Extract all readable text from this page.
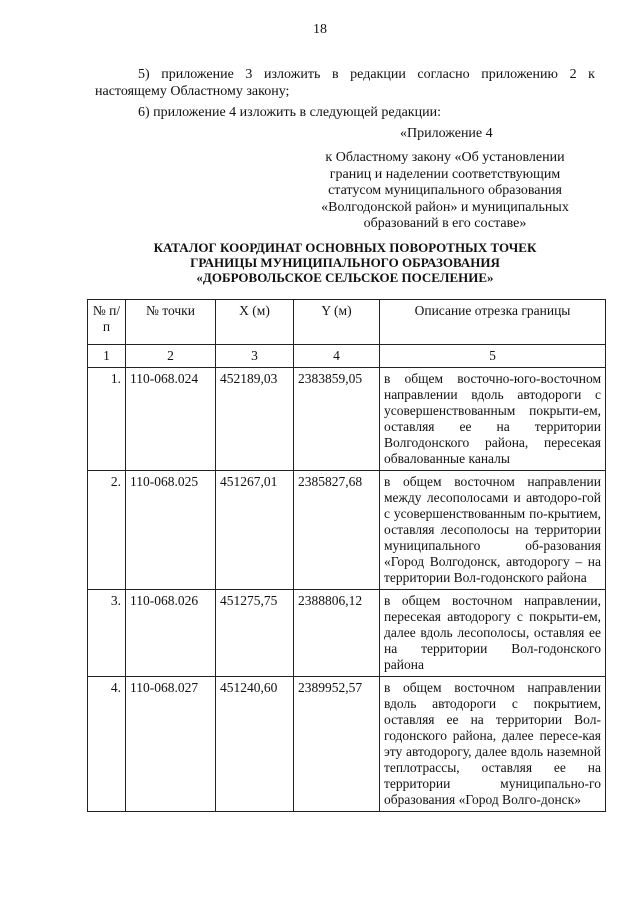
18

5) приложение 3 изложить в редакции согласно приложению 2 к

настоящему Областному закону;

6) приложение 4 изложить в следующей редакции:

«Приложение 4

к Областному закону «Об установлении
границ и наделении соответствующим
статусом муниципального образования
«Волгодонской район» и муниципальных
образований в его составе»
КАТАЛОГ КООРДИНАТ ОСНОВНЫХ ПОВОРОТНЫХ ТОЧЕК
ГРАНИЦЫ МУНИЦИПАЛЬНОГО ОБРАЗОВАНИЯ
«ДОБРОВОЛЬСКОЕ СЕЛЬСКОЕ ПОСЕЛЕНИЕ»
№ п/п	№ точки	X (м)	Y (м)	Описание отрезка границы
1	2	3	4	5
1.	110-068.024	452189,03	2383859,05	в общем восточно-юго-восточном направлении вдоль автодороги с усовершенствованным покрыти-ем, оставляя ее на территории Волгодонского района, пересекая обвалованные каналы
2.	110-068.025	451267,01	2385827,68	в общем восточном направлении между лесополосами и автодоро-гой с усовершенствованным по-крытием, оставляя лесополосы на территории муниципального об-разования «Город Волгодонск, автодорогу – на территории Вол-годонского района
3.	110-068.026	451275,75	2388806,12	в общем восточном направлении, пересекая автодорогу с покрыти-ем, далее вдоль лесополосы, оставляя ее на территории Вол-годонского района
4.	110-068.027	451240,60	2389952,57	в общем восточном направлении вдоль автодороги с покрытием, оставляя ее на территории Вол-годонского района, далее пересе-кая эту автодорогу, далее вдоль наземной теплотрассы, оставляя ее на территории муниципально-го образования «Город Волго-донск»
